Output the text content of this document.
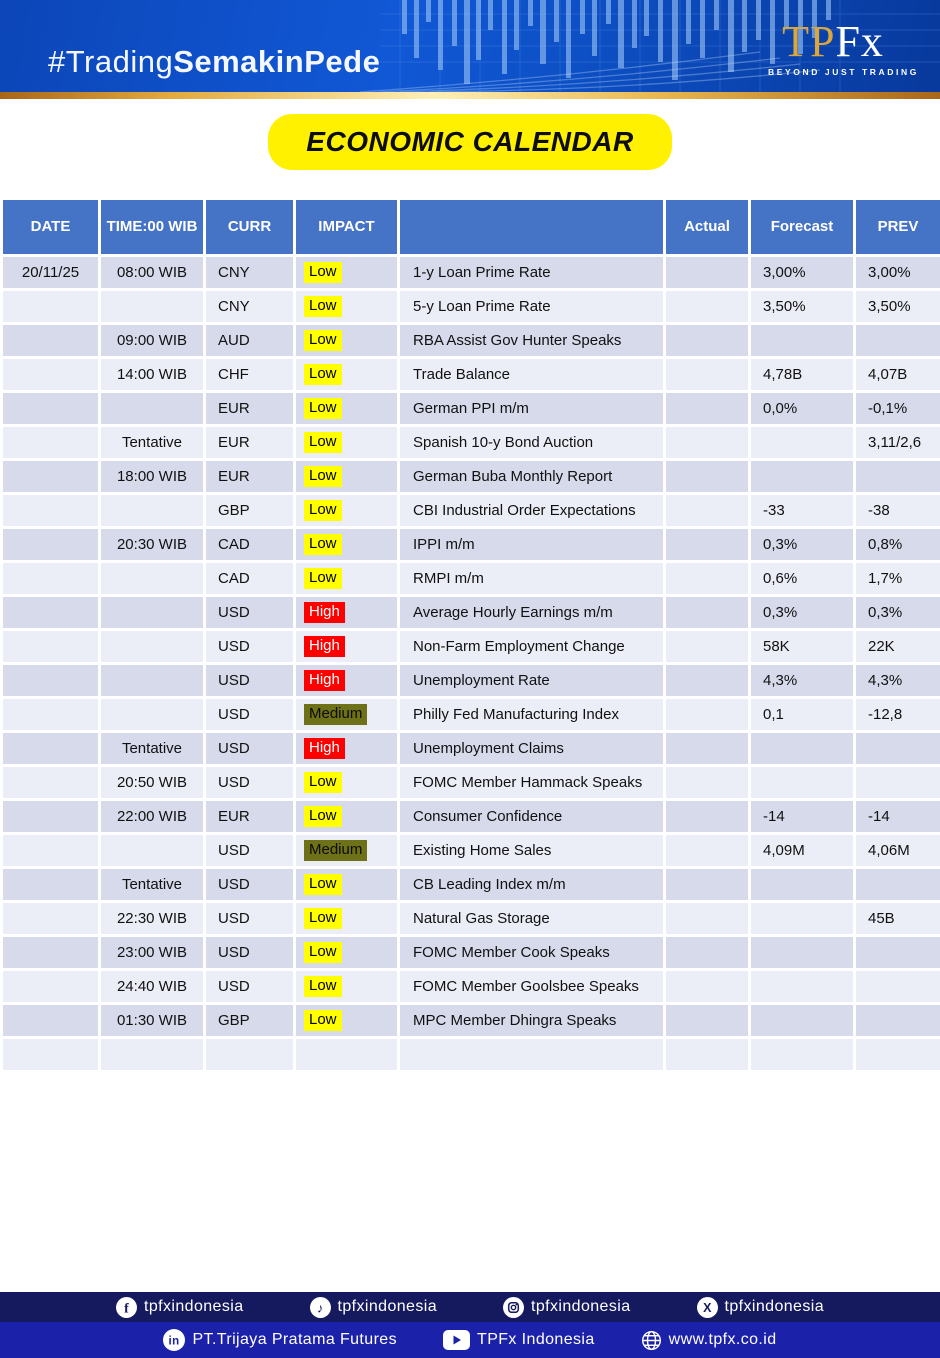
#TradingSemakinPede	TPFx
BEYOND JUST TRADING
ECONOMIC CALENDAR
DATE	TIME:00 WIB	CURR	IMPACT		Actual	Forecast	PREV
20/11/25	08:00 WIB	CNY	Low	1-y Loan Prime Rate		3,00%	3,00%
		CNY	Low	5-y Loan Prime Rate		3,50%	3,50%
	09:00 WIB	AUD	Low	RBA Assist Gov Hunter Speaks			
	14:00 WIB	CHF	Low	Trade Balance		4,78B	4,07B
		EUR	Low	German PPI m/m		0,0%	-0,1%
	Tentative	EUR	Low	Spanish 10-y Bond Auction			3,11/2,6
	18:00 WIB	EUR	Low	German Buba Monthly Report			
		GBP	Low	CBI Industrial Order Expectations		-33	-38
	20:30 WIB	CAD	Low	IPPI m/m		0,3%	0,8%
		CAD	Low	RMPI m/m		0,6%	1,7%
		USD	High	Average Hourly Earnings m/m		0,3%	0,3%
		USD	High	Non-Farm Employment Change		58K	22K
		USD	High	Unemployment Rate		4,3%	4,3%
		USD	Medium	Philly Fed Manufacturing Index		0,1	-12,8
	Tentative	USD	High	Unemployment Claims			
	20:50 WIB	USD	Low	FOMC Member Hammack Speaks			
	22:00 WIB	EUR	Low	Consumer Confidence		-14	-14
		USD	Medium	Existing Home Sales		4,09M	4,06M
	Tentative	USD	Low	CB Leading Index m/m			
	22:30 WIB	USD	Low	Natural Gas Storage			45B
	23:00 WIB	USD	Low	FOMC Member Cook Speaks			
	24:40 WIB	USD	Low	FOMC Member Goolsbee Speaks			
	01:30 WIB	GBP	Low	MPC Member Dhingra Speaks			

f tpfxindonesia	♪ tpfxindonesia	tpfxindonesia	X tpfxindonesia
in PT.Trijaya Pratama Futures	TPFx Indonesia	www.tpfx.co.id
